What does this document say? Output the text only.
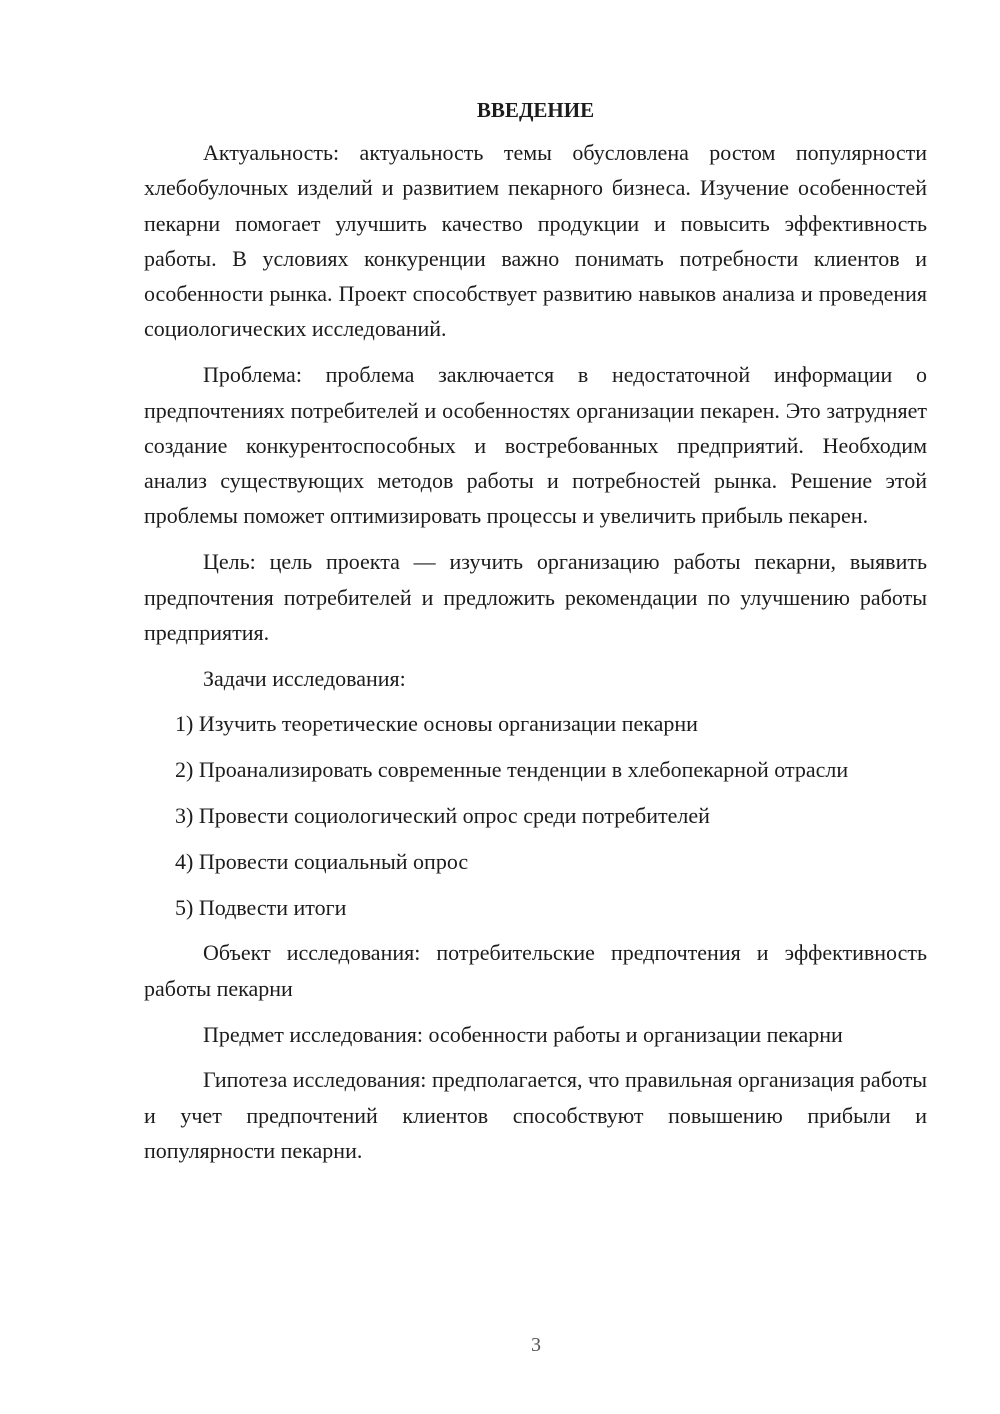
ВВЕДЕНИЕ
Актуальность: актуальность темы обусловлена ростом популярности хлебобулочных изделий и развитием пекарного бизнеса. Изучение особенностей пекарни помогает улучшить качество продукции и повысить эффективность работы. В условиях конкуренции важно понимать потребности клиентов и особенности рынка. Проект способствует развитию навыков анализа и проведения социологических исследований.
Проблема: проблема заключается в недостаточной информации о предпочтениях потребителей и особенностях организации пекарен. Это затрудняет создание конкурентоспособных и востребованных предприятий. Необходим анализ существующих методов работы и потребностей рынка. Решение этой проблемы поможет оптимизировать процессы и увеличить прибыль пекарен.
Цель: цель проекта — изучить организацию работы пекарни, выявить предпочтения потребителей и предложить рекомендации по улучшению работы предприятия.
Задачи исследования:
1) Изучить теоретические основы организации пекарни
2) Проанализировать современные тенденции в хлебопекарной отрасли
3) Провести социологический опрос среди потребителей
4) Провести социальный опрос
5) Подвести итоги
Объект исследования: потребительские предпочтения и эффективность работы пекарни
Предмет исследования: особенности работы и организации пекарни
Гипотеза исследования: предполагается, что правильная организация работы и учет предпочтений клиентов способствуют повышению прибыли и популярности пекарни.
3
